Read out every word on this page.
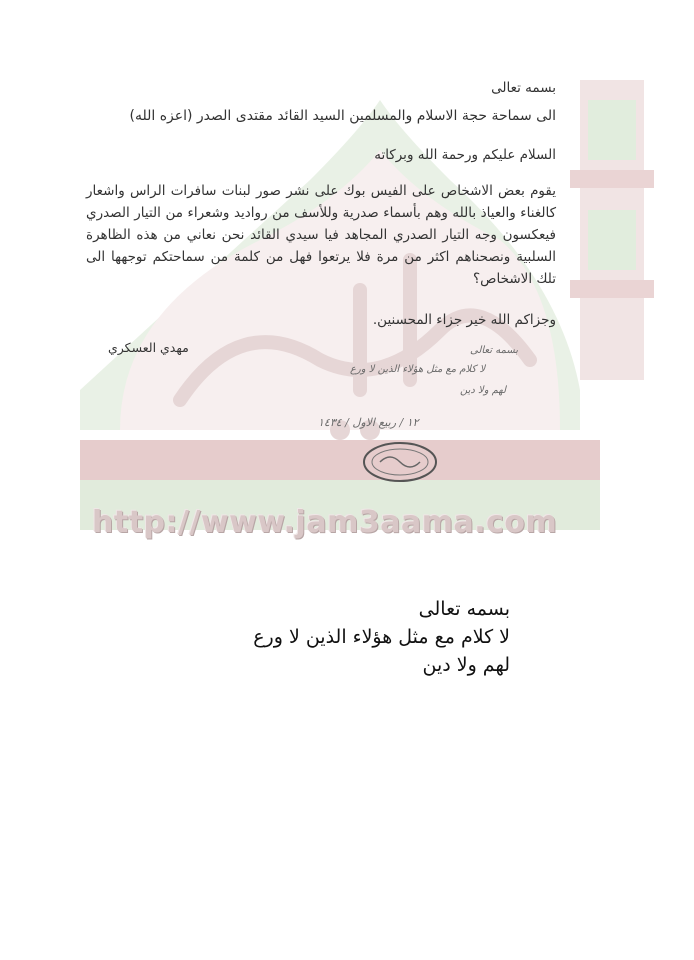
http://www.jam3aama.com
بسمه تعالى
الى سماحة حجة الاسلام والمسلمين السيد القائد مقتدى الصدر (اعزه الله)
السلام عليكم ورحمة الله وبركاته
يقوم بعض الاشخاص على الفيس بوك على نشر صور لبنات سافرات الراس واشعار كالغناء والعياذ بالله وهم بأسماء صدرية وللأسف من رواديد وشعراء من التيار الصدري فيعكسون وجه التيار الصدري المجاهد فيا سيدي القائد نحن نعاني من هذه الظاهرة السلبية ونصحناهم اكثر من مرة فلا يرتعوا فهل من كلمة من سماحتكم توجهها الى تلك الاشخاص؟
وجزاكم الله خير جزاء المحسنين.
مهدي العسكري	بسمه تعالى
لا كلام مع مثل هؤلاء الذين لا ورع
لهم ولا دين
١٢ / ربيع الاول / ١٤٣٤
بسمه تعالى
لا كلام مع مثل هؤلاء الذين لا ورع
لهم ولا دين
